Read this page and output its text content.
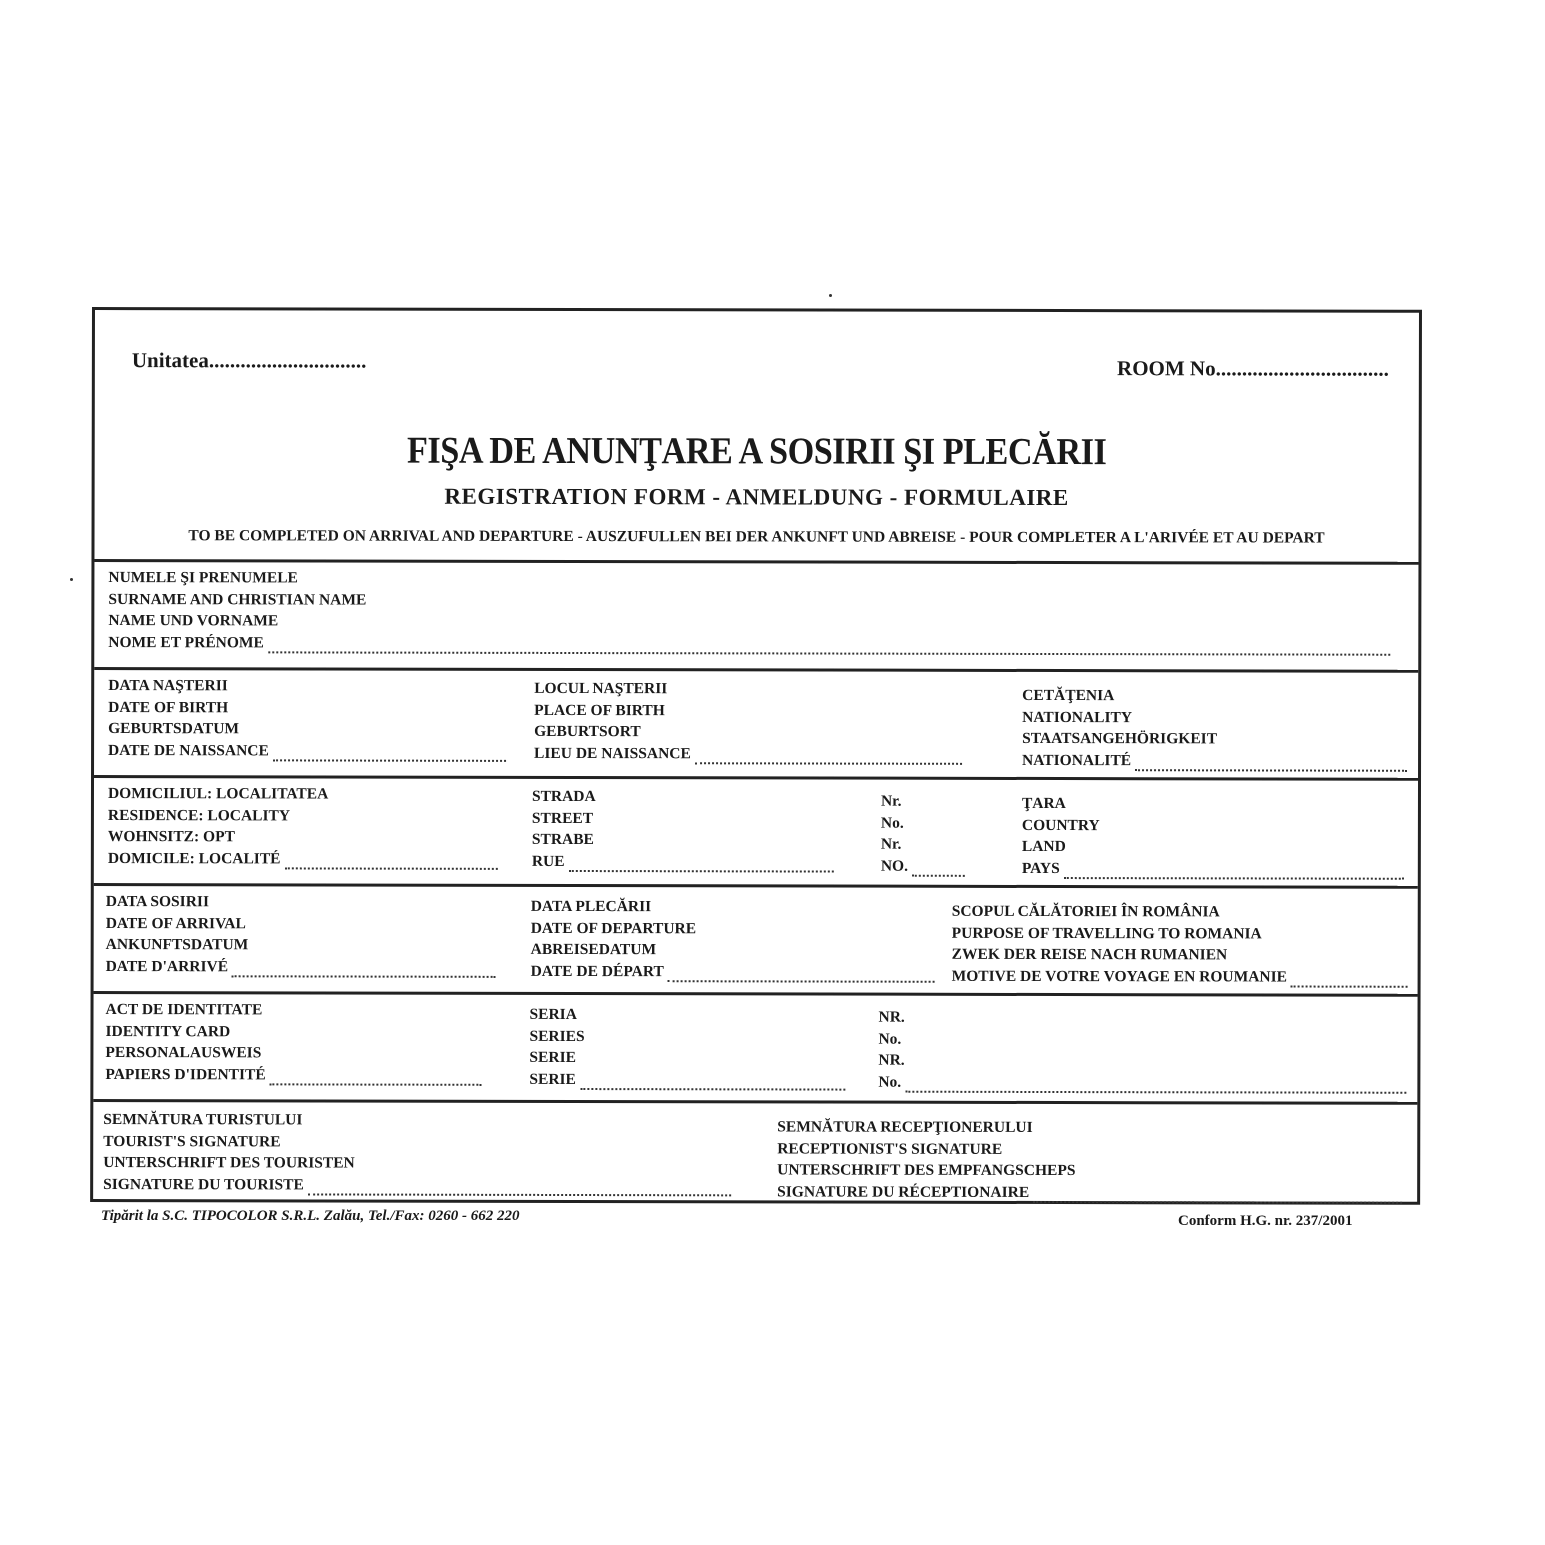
Unitatea..............................	ROOM No.................................
FIŞA DE ANUNŢARE A SOSIRII ŞI PLECĂRII
REGISTRATION FORM - ANMELDUNG - FORMULAIRE
TO BE COMPLETED ON ARRIVAL AND DEPARTURE - AUSZUFULLEN BEI DER ANKUNFT UND ABREISE - POUR COMPLETER A L'ARIVÉE ET AU DEPART
NUMELE ŞI PRENUMELE
SURNAME AND CHRISTIAN NAME
NAME UND VORNAME
NOME ET PRÉNOME
DATA NAŞTERII
DATE OF BIRTH
GEBURTSDATUM
DATE DE NAISSANCE
LOCUL NAŞTERII
PLACE OF BIRTH
GEBURTSORT
LIEU DE NAISSANCE
CETĂŢENIA
NATIONALITY
STAATSANGEHÖRIGKEIT
NATIONALITÉ
DOMICILIUL: LOCALITATEA
RESIDENCE: LOCALITY
WOHNSITZ: OPT
DOMICILE: LOCALITÉ
STRADA
STREET
STRABE
RUE
Nr.
No.
Nr.
NO.
ŢARA
COUNTRY
LAND
PAYS
DATA SOSIRII
DATE OF ARRIVAL
ANKUNFTSDATUM
DATE D'ARRIVÉ
DATA PLECĂRII
DATE OF DEPARTURE
ABREISEDATUM
DATE DE DÉPART
SCOPUL CĂLĂTORIEI ÎN ROMÂNIA
PURPOSE OF TRAVELLING TO ROMANIA
ZWEK DER REISE NACH RUMANIEN
MOTIVE DE VOTRE VOYAGE EN ROUMANIE
ACT DE IDENTITATE
IDENTITY CARD
PERSONALAUSWEIS
PAPIERS D'IDENTITÉ
SERIA
SERIES
SERIE
SERIE
NR.
No.
NR.
No.
SEMNĂTURA TURISTULUI
TOURIST'S SIGNATURE
UNTERSCHRIFT DES TOURISTEN
SIGNATURE DU TOURISTE
SEMNĂTURA RECEPŢIONERULUI
RECEPTIONIST'S SIGNATURE
UNTERSCHRIFT DES EMPFANGSCHEPS
SIGNATURE DU RÉCEPTIONAIRE
Tipărit la S.C. TIPOCOLOR S.R.L. Zalău, Tel./Fax: 0260 - 662 220	Conform H.G. nr. 237/2001
